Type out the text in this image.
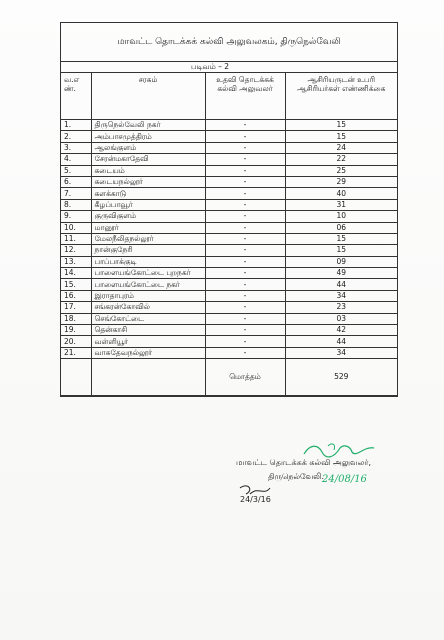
மாவட்ட தொடக்கக் கல்வி அலுவலகம், திருநெல்வேலி
படிவம் – 2
வ.எ ண்.	சரகம்	உதவி தொடக்கக் கல்வி அலுவலர்	ஆசிரியருடன் உபரி ஆசிரியர்கள் எண்ணிக்கை
1.	திருநெல்வேலி நகர்	-	15
2.	அம்பாசமுத்திரம்	-	15
3.	ஆலங்குளம்	-	24
4.	சேரன்மகாதேவி	-	22
5.	கடையம்	-	25
6.	கடையநல்லூர்	-	29
7.	களக்காடு	-	40
8.	கீழப்பாவூர்	-	31
9.	குருவிகுளம்	-	10
10.	மானூர்	-	06
11.	மேலநீலிதநல்லூர்	-	15
12.	நான்குநேரி	-	15
13.	பாப்பாக்குடி	-	09
14.	பாளையங்கோட்டை புறநகர்	-	49
15.	பாளையங்கோட்டை நகர்	-	44
16.	இராதாபுரம்	-	34
17.	சங்கரன்கோவில்	-	23
18.	செங்கோட்டை	-	03
19.	தென்காசி	-	42
20.	வள்ளியூர்	-	44
21.	வாசுதேவநல்லூர்	-	34
		மொத்தம்	529
மாவட்ட தொடக்கக் கல்வி அலுவலர்,
திருநெல்வேலி.
24/3/16
24/08/16
